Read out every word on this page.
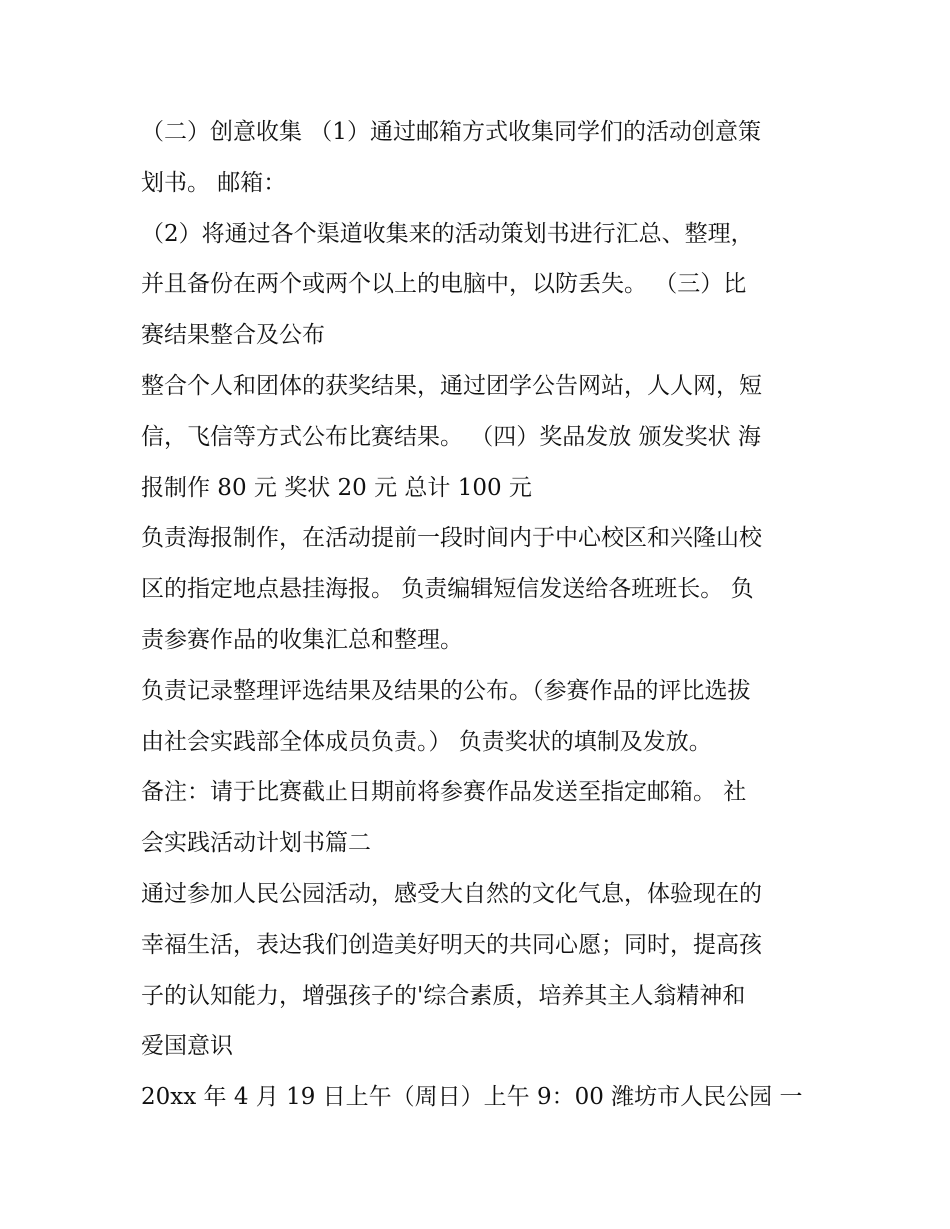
（二）创意收集 （1）通过邮箱方式收集同学们的活动创意策
划书。 邮箱：
（2）将通过各个渠道收集来的活动策划书进行汇总、整理，
并且备份在两个或两个以上的电脑中，以防丢失。 （三）比
赛结果整合及公布
整合个人和团体的获奖结果，通过团学公告网站，人人网，短
信，飞信等方式公布比赛结果。 （四）奖品发放 颁发奖状 海
报制作 80 元 奖状 20 元 总计 100 元
负责海报制作，在活动提前一段时间内于中心校区和兴隆山校
区的指定地点悬挂海报。 负责编辑短信发送给各班班长。 负
责参赛作品的收集汇总和整理。
负责记录整理评选结果及结果的公布。（参赛作品的评比选拔
由社会实践部全体成员负责。） 负责奖状的填制及发放。
备注：请于比赛截止日期前将参赛作品发送至指定邮箱。 社
会实践活动计划书篇二
通过参加人民公园活动，感受大自然的文化气息，体验现在的
幸福生活，表达我们创造美好明天的共同心愿；同时，提高孩
子的认知能力，增强孩子的'综合素质，培养其主人翁精神和
爱国意识
20xx 年 4 月 19 日上午（周日）上午 9：00 潍坊市人民公园 一
